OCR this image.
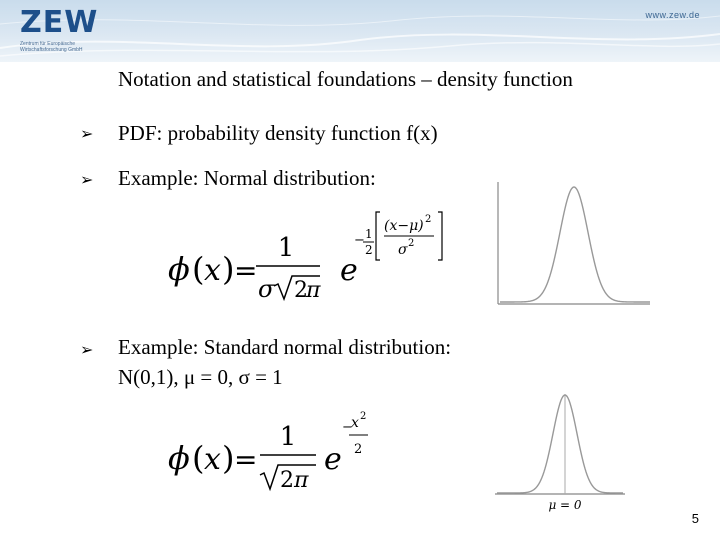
ZEW
Zentrum für Europäische Wirtschaftsforschung GmbH
www.zew.de
Notation and statistical foundations – density function
➢ PDF: probability density function f(x)
➢ Example: Normal distribution:
ϕ ( x ) =
1
σ 2
π
e
− 1
2
(x−μ) 2
σ 2
➢ Example: Standard normal distribution:
N(0,1), μ = 0, σ = 1
ϕ ( x ) =
1
2 π
e
−
x 2
2
μ = 0
5
